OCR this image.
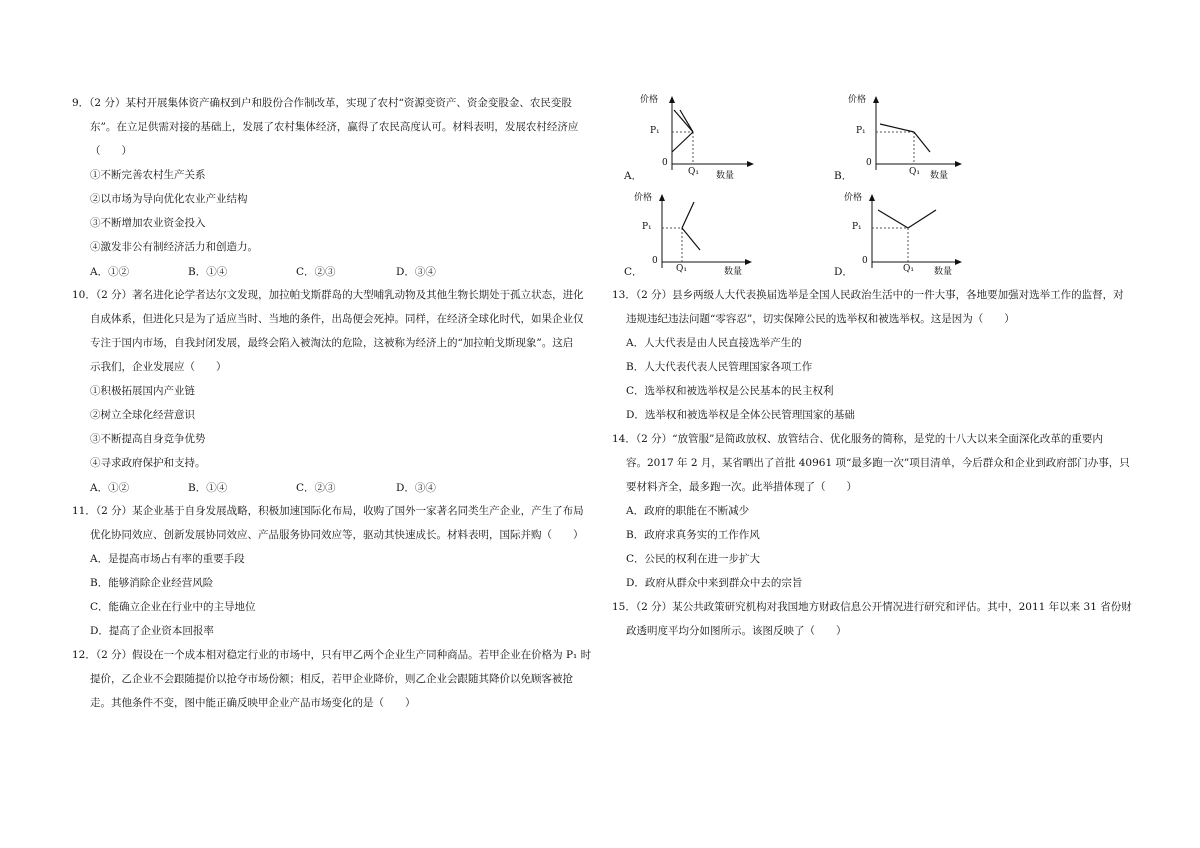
9．（2 分）某村开展集体资产确权到户和股份合作制改革，实现了农村“资源变资产、资金变股金、农民变股
东”。在立足供需对接的基础上，发展了农村集体经济，赢得了农民高度认可。材料表明，发展农村经济应
（　　）
①不断完善农村生产关系
②以市场为导向优化农业产业结构
③不断增加农业资金投入
④激发非公有制经济活力和创造力。
A．①②	B．①④	C．②③	D．③④
10．（2 分）著名进化论学者达尔文发现，加拉帕戈斯群岛的大型哺乳动物及其他生物长期处于孤立状态，进化
自成体系，但进化只是为了适应当时、当地的条件，出岛便会死掉。同样，在经济全球化时代，如果企业仅
专注于国内市场，自我封闭发展，最终会陷入被淘汰的危险，这被称为经济上的“加拉帕戈斯现象”。这启
示我们，企业发展应（　　）
①积极拓展国内产业链
②树立全球化经营意识
③不断提高自身竞争优势
④寻求政府保护和支持。
A．①②	B．①④	C．②③	D．③④
11．（2 分）某企业基于自身发展战略，积极加速国际化布局，收购了国外一家著名同类生产企业，产生了布局
优化协同效应、创新发展协同效应、产品服务协同效应等，驱动其快速成长。材料表明，国际并购（　　）
A．是提高市场占有率的重要手段
B．能够消除企业经营风险
C．能确立企业在行业中的主导地位
D．提高了企业资本回报率
12．（2 分）假设在一个成本相对稳定行业的市场中，只有甲乙两个企业生产同种商品。若甲企业在价格为 P₁ 时
提价，乙企业不会跟随提价以抢夺市场份额；相反，若甲企业降价，则乙企业会跟随其降价以免顾客被抢
走。其他条件不变，图中能正确反映甲企业产品市场变化的是（　　）
A．
价格
P₁
0
Q₁ 数量	B．
价格
P₁
0
Q₁ 数量
C．
价格
P₁
0
Q₁	数量	D．
价格
P₁
0
Q₁ 数量
13．（2 分）县乡两级人大代表换届选举是全国人民政治生活中的一件大事，各地要加强对选举工作的监督，对
违规违纪违法问题“零容忍”，切实保障公民的选举权和被选举权。这是因为（　　）
A．人大代表是由人民直接选举产生的
B．人大代表代表人民管理国家各项工作
C．选举权和被选举权是公民基本的民主权利
D．选举权和被选举权是全体公民管理国家的基础
14．（2 分）“放管服”是简政放权、放管结合、优化服务的简称，是党的十八大以来全面深化改革的重要内
容。2017 年 2 月，某省晒出了首批 40961 项“最多跑一次”项目清单，今后群众和企业到政府部门办事，只
要材料齐全，最多跑一次。此举措体现了（　　）
A．政府的职能在不断减少
B．政府求真务实的工作作风
C．公民的权利在进一步扩大
D．政府从群众中来到群众中去的宗旨
15．（2 分）某公共政策研究机构对我国地方财政信息公开情况进行研究和评估。其中，2011 年以来 31 省份财
政透明度平均分如图所示。该图反映了（　　）
